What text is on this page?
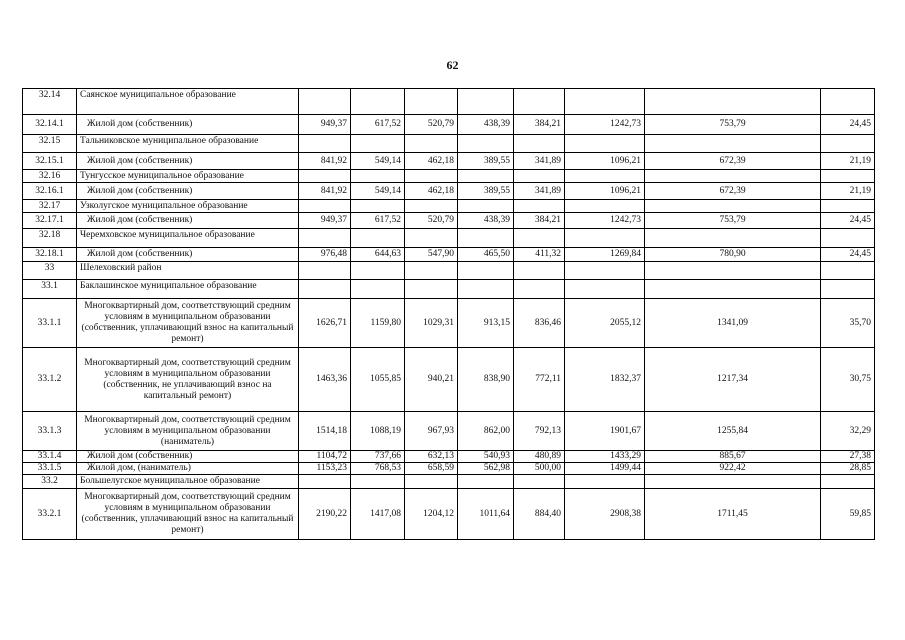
62
32.14	Саянское муниципальное образование								
32.14.1	Жилой дом (собственник)	949,37	617,52	520,79	438,39	384,21	1242,73	753,79	24,45
32.15	Тальниковское муниципальное образование								
32.15.1	Жилой дом (собственник)	841,92	549,14	462,18	389,55	341,89	1096,21	672,39	21,19
32.16	Тунгусское муниципальное образование								
32.16.1	Жилой дом (собственник)	841,92	549,14	462,18	389,55	341,89	1096,21	672,39	21,19
32.17	Узколугское муниципальное образование								
32.17.1	Жилой дом (собственник)	949,37	617,52	520,79	438,39	384,21	1242,73	753,79	24,45
32.18	Черемховское муниципальное образование								
32.18.1	Жилой дом (собственник)	976,48	644,63	547,90	465,50	411,32	1269,84	780,90	24,45
33	Шелеховский район								
33.1	Баклашинское муниципальное образование								
33.1.1	Многоквартирный дом, соответствующий средним условиям в муниципальном образовании (собственник, уплачивающий взнос на капитальный ремонт)	1626,71	1159,80	1029,31	913,15	836,46	2055,12	1341,09	35,70
33.1.2	Многоквартирный дом, соответствующий средним условиям в муниципальном образовании (собственник, не уплачивающий взнос на капитальный ремонт)	1463,36	1055,85	940,21	838,90	772,11	1832,37	1217,34	30,75
33.1.3	Многоквартирный дом, соответствующий средним условиям в муниципальном образовании (наниматель)	1514,18	1088,19	967,93	862,00	792,13	1901,67	1255,84	32,29
33.1.4	Жилой дом (собственник)	1104,72	737,66	632,13	540,93	480,89	1433,29	885,67	27,38
33.1.5	Жилой дом, (наниматель)	1153,23	768,53	658,59	562,98	500,00	1499,44	922,42	28,85
33.2	Большелугское муниципальное образование								
33.2.1	Многоквартирный дом, соответствующий средним условиям в муниципальном образовании (собственник, уплачивающий взнос на капитальный ремонт)	2190,22	1417,08	1204,12	1011,64	884,40	2908,38	1711,45	59,85
